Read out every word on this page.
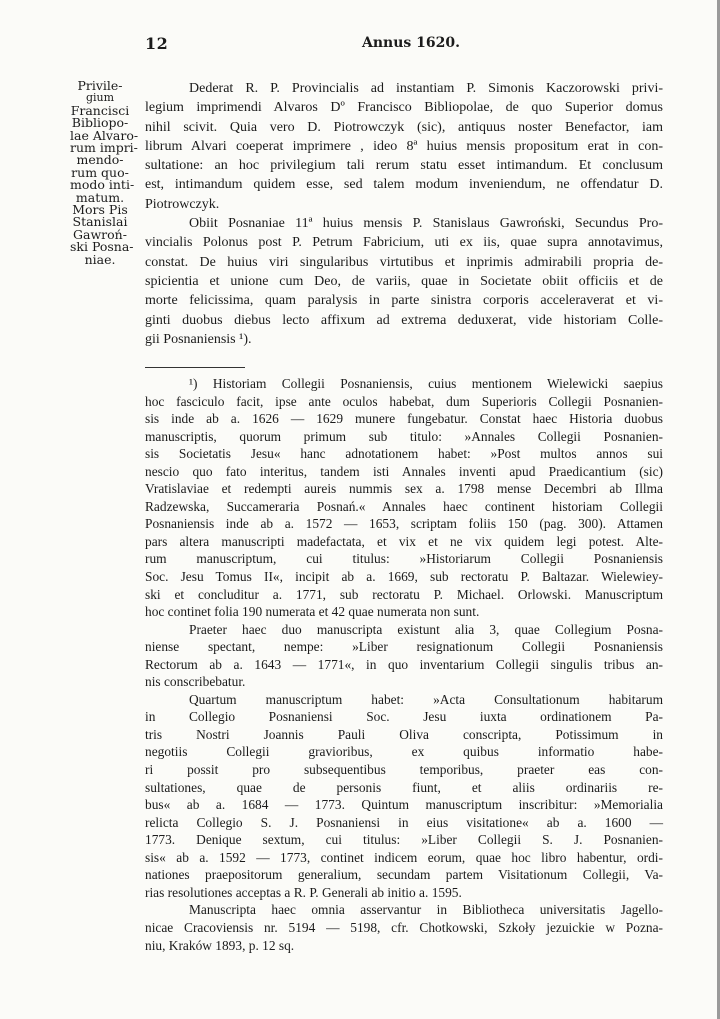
12	Annus 1620.
Privile-
gium
Francisci
Bibliopo-
lae Alvaro-
rum impri-
mendo-
rum quo-
modo inti-
matum.
Mors Pis
Stanislai
Gawroń-
ski Posna-
niae.
Dederat R. P. Provincialis ad instantiam P. Simonis Kaczorowski privi-
legium imprimendi Alvaros Dº Francisco Bibliopolae, de quo Superior domus
nihil scivit. Quia vero D. Piotrowczyk (sic), antiquus noster Benefactor, iam
librum Alvari coeperat imprimere , ideo 8ª huius mensis propositum erat in con-
sultatione: an hoc privilegium tali rerum statu esset intimandum. Et conclusum
est, intimandum quidem esse, sed talem modum inveniendum, ne offendatur D.
Piotrowczyk.
Obiit Posnaniae 11ª huius mensis P. Stanislaus Gawroński, Secundus Pro-
vincialis Polonus post P. Petrum Fabricium, uti ex iis, quae supra annotavimus,
constat. De huius viri singularibus virtutibus et inprimis admirabili propria de-
spicientia et unione cum Deo, de variis, quae in Societate obiit officiis et de
morte felicissima, quam paralysis in parte sinistra corporis acceleraverat et vi-
ginti duobus diebus lecto affixum ad extrema deduxerat, vide historiam Colle-
gii Posnaniensis ¹).
¹) Historiam Collegii Posnaniensis, cuius mentionem Wielewicki saepius
hoc fasciculo facit, ipse ante oculos habebat, dum Superioris Collegii Posnanien-
sis inde ab a. 1626 — 1629 munere fungebatur. Constat haec Historia duobus
manuscriptis, quorum primum sub titulo: »Annales Collegii Posnanien-
sis Societatis Jesu« hanc adnotationem habet: »Post multos annos sui
nescio quo fato interitus, tandem isti Annales inventi apud Praedicantium (sic)
Vratislaviae et redempti aureis nummis sex a. 1798 mense Decembri ab Illma
Radzewska, Succameraria Posnań.« Annales haec continent historiam Collegii
Posnaniensis inde ab a. 1572 — 1653, scriptam foliis 150 (pag. 300). Attamen
pars altera manuscripti madefactata, et vix et ne vix quidem legi potest. Alte-
rum manuscriptum, cui titulus: »Historiarum Collegii Posnaniensis
Soc. Jesu Tomus II«, incipit ab a. 1669, sub rectoratu P. Baltazar. Wielewiey-
ski et concluditur a. 1771, sub rectoratu P. Michael. Orlowski. Manuscriptum
hoc continet folia 190 numerata et 42 quae numerata non sunt.
Praeter haec duo manuscripta existunt alia 3, quae Collegium Posna-
niense spectant, nempe: »Liber resignationum Collegii Posnaniensis
Rectorum ab a. 1643 — 1771«, in quo inventarium Collegii singulis tribus an-
nis conscribebatur.
Quartum manuscriptum habet: »Acta Consultationum habitarum
in Collegio Posnaniensi Soc. Jesu iuxta ordinationem Pa-
tris Nostri Joannis Pauli Oliva conscripta, Potissimum in
negotiis Collegii gravioribus, ex quibus informatio habe-
ri possit pro subsequentibus temporibus, praeter eas con-
sultationes, quae de personis fiunt, et aliis ordinariis re-
bus« ab a. 1684 — 1773. Quintum manuscriptum inscribitur: »Memorialia
relicta Collegio S. J. Posnaniensi in eius visitatione« ab a. 1600 —
1773. Denique sextum, cui titulus: »Liber Collegii S. J. Posnanien-
sis« ab a. 1592 — 1773, continet indicem eorum, quae hoc libro habentur, ordi-
nationes praepositorum generalium, secundam partem Visitationum Collegii, Va-
rias resolutiones acceptas a R. P. Generali ab initio a. 1595.
Manuscripta haec omnia asservantur in Bibliotheca universitatis Jagello-
nicae Cracoviensis nr. 5194 — 5198, cfr. Chotkowski, Szkoły jezuickie w Pozna-
niu, Kraków 1893, p. 12 sq.
